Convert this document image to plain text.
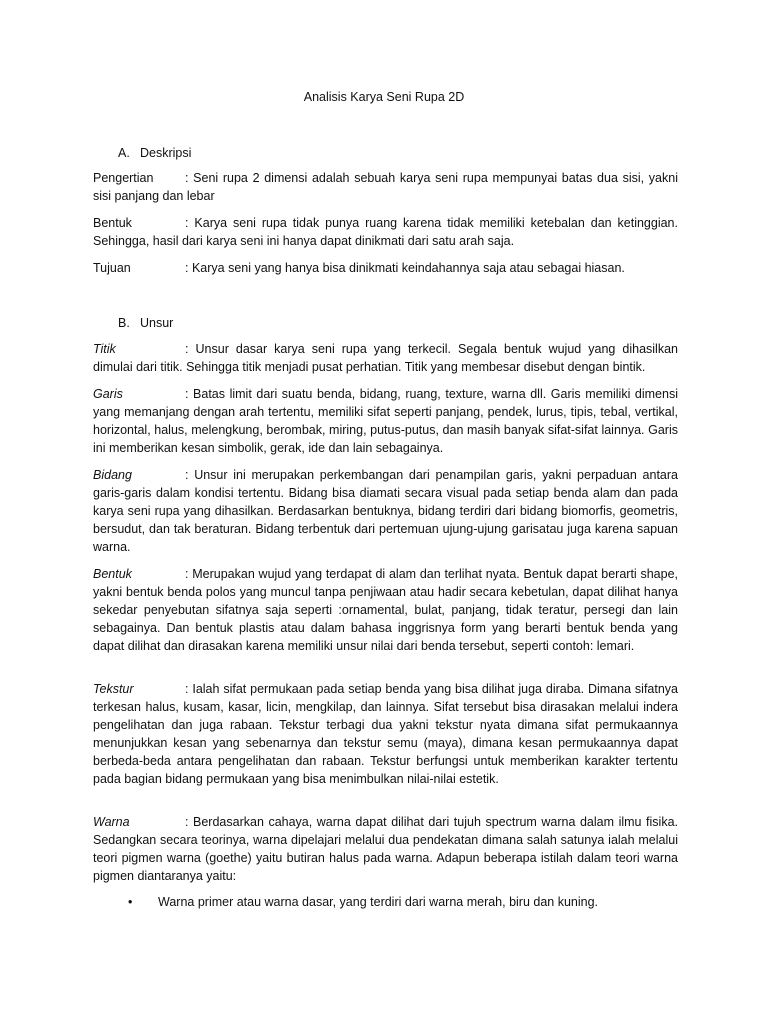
Analisis Karya Seni Rupa 2D
A. Deskripsi
Pengertian	: Seni rupa 2 dimensi adalah sebuah karya seni rupa mempunyai batas dua sisi, yakni sisi panjang dan lebar
Bentuk	: Karya seni rupa tidak punya ruang karena tidak memiliki ketebalan dan ketinggian. Sehingga, hasil dari karya seni ini hanya dapat dinikmati dari satu arah saja.
Tujuan	: Karya seni yang hanya bisa dinikmati keindahannya saja atau sebagai hiasan.
B. Unsur
Titik	: Unsur dasar karya seni rupa yang terkecil. Segala bentuk wujud yang dihasilkan dimulai dari titik. Sehingga titik menjadi pusat perhatian. Titik yang membesar disebut dengan bintik.
Garis	: Batas limit dari suatu benda, bidang, ruang, texture, warna dll. Garis memiliki dimensi yang memanjang dengan arah tertentu, memiliki sifat seperti panjang, pendek, lurus, tipis, tebal, vertikal, horizontal, halus, melengkung, berombak, miring, putus-putus, dan masih banyak sifat-sifat lainnya. Garis ini memberikan kesan simbolik, gerak, ide dan lain sebagainya.
Bidang	: Unsur ini merupakan perkembangan dari penampilan garis, yakni perpaduan antara garis-garis dalam kondisi tertentu. Bidang bisa diamati secara visual pada setiap benda alam dan pada karya seni rupa yang dihasilkan. Berdasarkan bentuknya, bidang terdiri dari bidang biomorfis, geometris, bersudut, dan tak beraturan. Bidang terbentuk dari pertemuan ujung-ujung garisatau juga karena sapuan warna.
Bentuk	: Merupakan wujud yang terdapat di alam dan terlihat nyata. Bentuk dapat berarti shape, yakni bentuk benda polos yang muncul tanpa penjiwaan atau hadir secara kebetulan, dapat dilihat hanya sekedar penyebutan sifatnya saja seperti :ornamental, bulat, panjang, tidak teratur, persegi dan lain sebagainya. Dan bentuk plastis atau dalam bahasa inggrisnya form yang berarti bentuk benda yang dapat dilihat dan dirasakan karena memiliki unsur nilai dari benda tersebut, seperti contoh: lemari.
Tekstur	: Ialah sifat permukaan pada setiap benda yang bisa dilihat juga diraba. Dimana sifatnya terkesan halus, kusam, kasar, licin, mengkilap, dan lainnya. Sifat tersebut bisa dirasakan melalui indera pengelihatan dan juga rabaan. Tekstur terbagi dua yakni tekstur nyata dimana sifat permukaannya menunjukkan kesan yang sebenarnya dan tekstur semu (maya), dimana kesan permukaannya dapat berbeda-beda antara pengelihatan dan rabaan. Tekstur berfungsi untuk memberikan karakter tertentu pada bagian bidang permukaan yang bisa menimbulkan nilai-nilai estetik.
Warna	: Berdasarkan cahaya, warna dapat dilihat dari tujuh spectrum warna dalam ilmu fisika. Sedangkan secara teorinya, warna dipelajari melalui dua pendekatan dimana salah satunya ialah melalui teori pigmen warna (goethe) yaitu butiran halus pada warna. Adapun beberapa istilah dalam teori warna pigmen diantaranya yaitu:
• Warna primer atau warna dasar, yang terdiri dari warna merah, biru dan kuning.
